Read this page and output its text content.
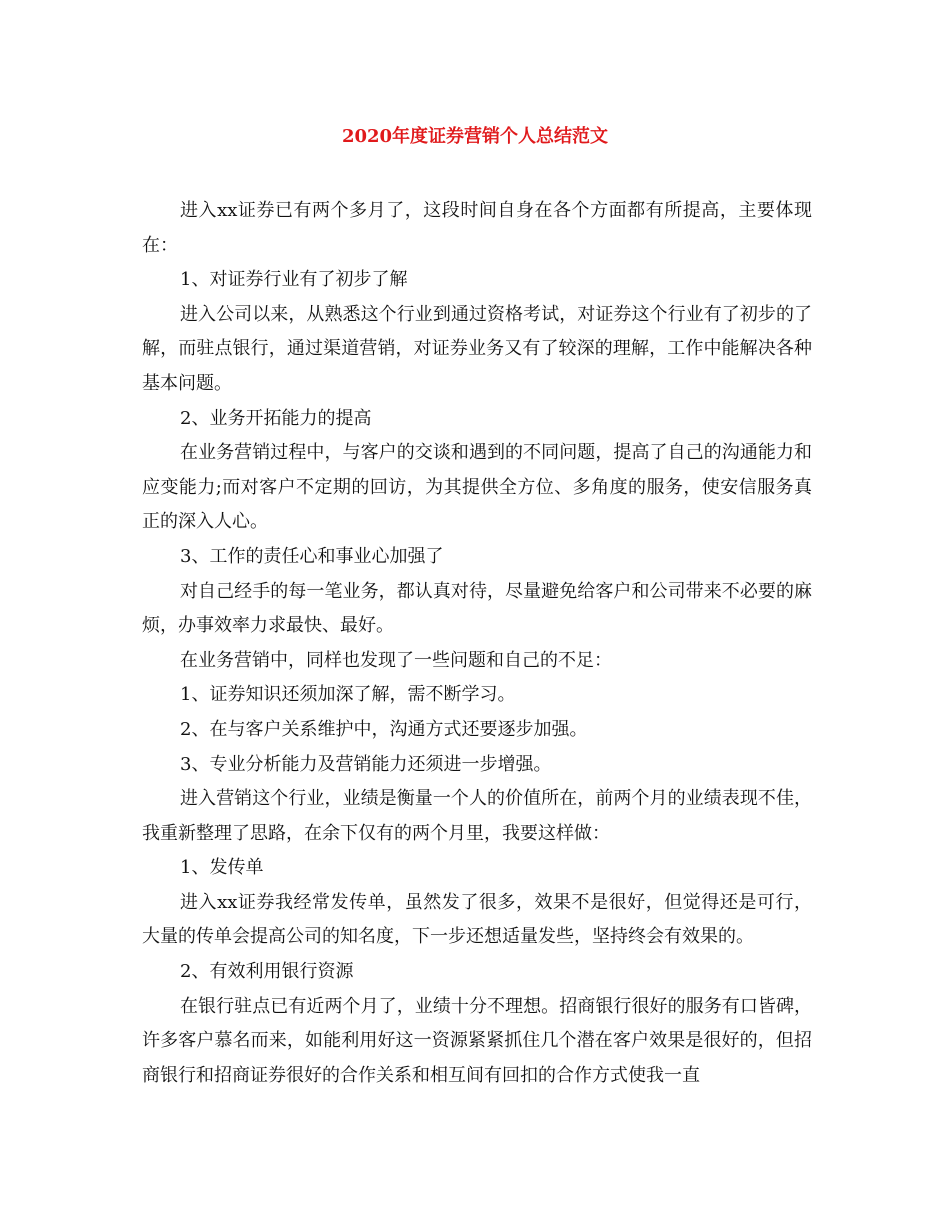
2020年度证券营销个人总结范文

进入xx证券已有两个多月了，这段时间自身在各个方面都有所提高，主要体现在：

1、对证券行业有了初步了解

进入公司以来，从熟悉这个行业到通过资格考试，对证券这个行业有了初步的了解，而驻点银行，通过渠道营销，对证券业务又有了较深的理解，工作中能解决各种基本问题。

2、业务开拓能力的提高

在业务营销过程中，与客户的交谈和遇到的不同问题，提高了自己的沟通能力和应变能力;而对客户不定期的回访，为其提供全方位、多角度的服务，使安信服务真正的深入人心。

3、工作的责任心和事业心加强了

对自己经手的每一笔业务，都认真对待，尽量避免给客户和公司带来不必要的麻烦，办事效率力求最快、最好。

在业务营销中，同样也发现了一些问题和自己的不足：

1、证券知识还须加深了解，需不断学习。

2、在与客户关系维护中，沟通方式还要逐步加强。

3、专业分析能力及营销能力还须进一步增强。

进入营销这个行业，业绩是衡量一个人的价值所在，前两个月的业绩表现不佳，我重新整理了思路，在余下仅有的两个月里，我要这样做：

1、发传单

进入xx证券我经常发传单，虽然发了很多，效果不是很好，但觉得还是可行，大量的传单会提高公司的知名度，下一步还想适量发些，坚持终会有效果的。

2、有效利用银行资源

在银行驻点已有近两个月了，业绩十分不理想。招商银行很好的服务有口皆碑，许多客户慕名而来，如能利用好这一资源紧紧抓住几个潜在客户效果是很好的，但招商银行和招商证券很好的合作关系和相互间有回扣的合作方式使我一直
